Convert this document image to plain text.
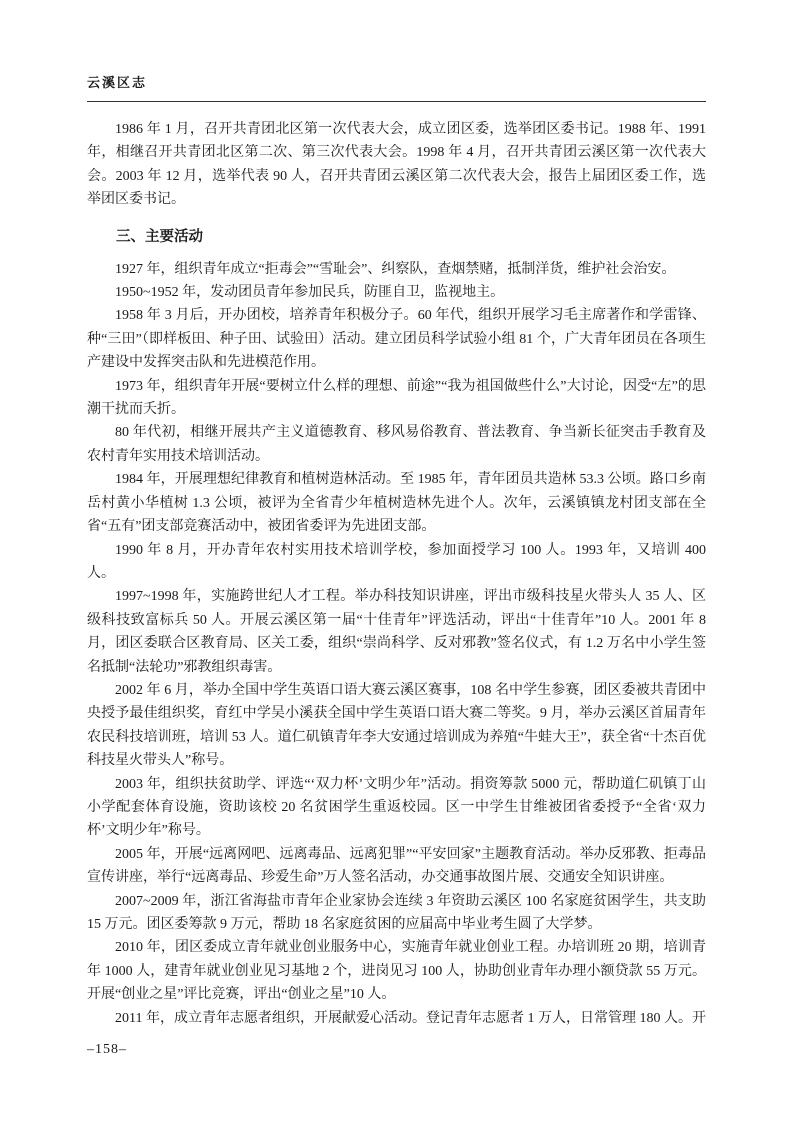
云溪区志

1986 年 1 月，召开共青团北区第一次代表大会，成立团区委，选举团区委书记。1988 年、1991 年，相继召开共青团北区第二次、第三次代表大会。1998 年 4 月，召开共青团云溪区第一次代表大会。2003 年 12 月，选举代表 90 人，召开共青团云溪区第二次代表大会，报告上届团区委工作，选举团区委书记。

三、主要活动

1927 年，组织青年成立“拒毒会”“雪耻会”、纠察队，查烟禁赌，抵制洋货，维护社会治安。

1950~1952 年，发动团员青年参加民兵，防匪自卫，监视地主。

1958 年 3 月后，开办团校，培养青年积极分子。60 年代，组织开展学习毛主席著作和学雷锋、种“三田”（即样板田、种子田、试验田）活动。建立团员科学试验小组 81 个，广大青年团员在各项生产建设中发挥突击队和先进模范作用。

1973 年，组织青年开展“要树立什么样的理想、前途”“我为祖国做些什么”大讨论，因受“左”的思潮干扰而夭折。

80 年代初，相继开展共产主义道德教育、移风易俗教育、普法教育、争当新长征突击手教育及农村青年实用技术培训活动。

1984 年，开展理想纪律教育和植树造林活动。至 1985 年，青年团员共造林 53.3 公顷。路口乡南岳村黄小华植树 1.3 公顷，被评为全省青少年植树造林先进个人。次年，云溪镇镇龙村团支部在全省“五有”团支部竞赛活动中，被团省委评为先进团支部。

1990 年 8 月，开办青年农村实用技术培训学校，参加面授学习 100 人。1993 年，又培训 400 人。

1997~1998 年，实施跨世纪人才工程。举办科技知识讲座，评出市级科技星火带头人 35 人、区级科技致富标兵 50 人。开展云溪区第一届“十佳青年”评选活动，评出“十佳青年”10 人。2001 年 8 月，团区委联合区教育局、区关工委，组织“崇尚科学、反对邪教”签名仪式，有 1.2 万名中小学生签名抵制“法轮功”邪教组织毒害。

2002 年 6 月，举办全国中学生英语口语大赛云溪区赛事，108 名中学生参赛，团区委被共青团中央授予最佳组织奖，育红中学吴小溪获全国中学生英语口语大赛二等奖。9 月，举办云溪区首届青年农民科技培训班，培训 53 人。道仁矶镇青年李大安通过培训成为养殖“牛蛙大王”，获全省“十杰百优科技星火带头人”称号。

2003 年，组织扶贫助学、评选“‘双力杯’文明少年”活动。捐资筹款 5000 元，帮助道仁矶镇丁山小学配套体育设施，资助该校 20 名贫困学生重返校园。区一中学生甘维被团省委授予“全省‘双力杯’文明少年”称号。

2005 年，开展“远离网吧、远离毒品、远离犯罪”“平安回家”主题教育活动。举办反邪教、拒毒品宣传讲座，举行“远离毒品、珍爱生命”万人签名活动，办交通事故图片展、交通安全知识讲座。

2007~2009 年，浙江省海盐市青年企业家协会连续 3 年资助云溪区 100 名家庭贫困学生，共支助 15 万元。团区委筹款 9 万元，帮助 18 名家庭贫困的应届高中毕业考生圆了大学梦。

2010 年，团区委成立青年就业创业服务中心，实施青年就业创业工程。办培训班 20 期，培训青年 1000 人，建青年就业创业见习基地 2 个，进岗见习 100 人，协助创业青年办理小额贷款 55 万元。开展“创业之星”评比竞赛，评出“创业之星”10 人。

2011 年，成立青年志愿者组织，开展献爱心活动。登记青年志愿者 1 万人，日常管理 180 人。开

–158–
